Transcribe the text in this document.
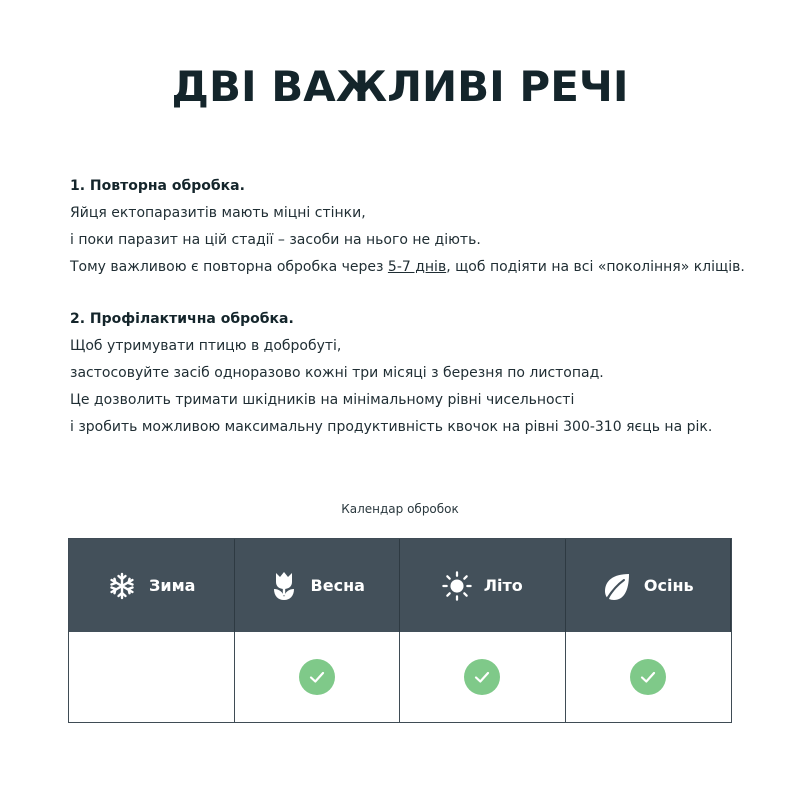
ДВІ ВАЖЛИВІ РЕЧІ
1. Повторна обробка.
Яйця ектопаразитів мають міцні стінки,
і поки паразит на цій стадії – засоби на нього не діють.
Тому важливою є повторна обробка через 5-7 днів, щоб подіяти на всі «покоління» кліщів.
2. Профілактична обробка.
Щоб утримувати птицю в добробуті,
застосовуйте засіб одноразово кожні три місяці з березня по листопад.
Це дозволить тримати шкідників на мінімальному рівні чисельності
і зробить можливою максимальну продуктивність квочок на рівні 300-310 яєць на рік.
Календар обробок
Зима	Весна	Літо	Осінь
